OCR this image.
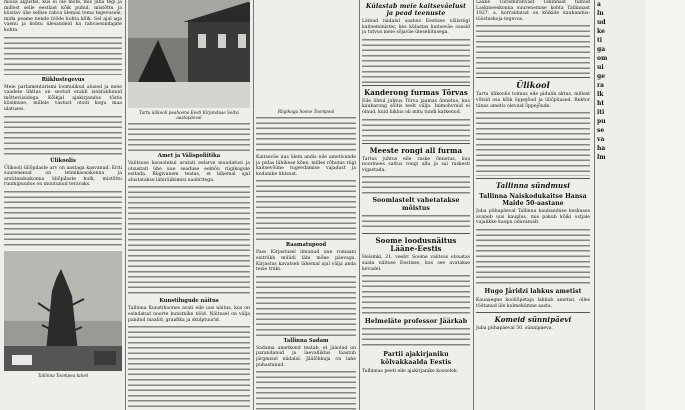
mõisa algustel, kus ei ole mõte, mis juba tegi ja millest selle eestlast kõik puhul, mistõttu ja küsitav ühe sellise rahva ülemisi tema tegevusele, mida peame nende tööde kohta kõik. Sel ajal aga vaenu ja kohtu ülesandeid ka rahvaesindajate kohta.
Riiklustegevus
Meie parlamentarismi loomulikud alused ja meie vaadete ühtlus on seotud eraldi iseäraldunud mõtteviisidega. Kõikjal ajakirjandus tõstis küsimuse, millele vastust otsiti kogu maa ulatuses.
Ülikoolis
Ülikooli üliõpilaste arv on aastaga kasvanud. Eriti suurenenud on tehnikaosakonna ja arstiteaduskonna üliõpilaste hulk, mistõttu ruumipuudus on muutunud teravaks.
Tallinna Toompea talvel
Tartu ülikooli peahoone Eesti Kirjanduse Seltsi aastapäeval
Amet ja Välispoliitika
Valitsuse koosolekul arutati eelarve muudatusi ja otsustati ühe uue seaduse eelnõu riigikogule esitada. Riigivanem teatas, et lähemal ajal alustatakse läbirääkimisi naabritega.
Kunstilugude näitus
Tallinna Kunstihoones avati eile uus näitus, kus on esindatud noorte kunstnike tööd. Näitusel on välja pandud maalid, graafika ja skulptuurid.
Riigikogu hoone Toompeal
Kaitseväe uus ülem andis eile ametivande ja pidas lühikese kõne, milles rõhutas riigi kaitsevõime tugevdamise vajadust ja kodanike ühtsust.
Raamatupood
Pass Kirjastusel ilmunud uue romaani esitrükk müüdi läbi mõne päevaga. Kirjastus kavatseb lähemal ajal välja anda teise trüki.
Tallinna Sadam
Sadama ametkond teatab, et jääolud on parandanud ja laevaliiklus taastub järgmisel nädalal. Jäälõhkuja on lahe puhastanud.
Külastab meie kaitseväelust ja pead teenuste
Läinud nädalal saabus Eestisse välisriigi kaitseminister, kes külastas kaitseväe osasid ja tutvus meie sõjaväe ülesehitusega.
Kanderong furmas Tõrvas
Eile õhtul juhtus Tõrva jaamas õnnetus, kus kaubarong sõitis teelt välja. Inimohvreid ei olnud, kuid liiklus oli mitu tundi katkenud.
Meeste rongi all furma
Tartus juhtus eile raske õnnetus, kus noormees sattus rongi alla ja sai raskesti vigastada.
Soomlastelt vahetatakse mõistus
Soome loodusnäitus Lääne-Eestis
Helsinki, 21. veebr. Soome valitsus otsustas saata näituse Eestisse, kus see avatakse kevadel.
Helmeläte professor Jäärkab
Partii ajakirjaniku kõlvakkaalda Eestis
Tallinnas peeti eile ajakirjanike koosolek.
Lääne Turismirahvast Tallinnast tulnud Laskmeeskonna suurenemise kohta Tallinnast 1927. a. korraldatud on kõikide kaubandus-tööstuskoja tegevus.
Ülikool
Tartu ülikoolis toimus eile pidulik aktus, millest võtsid osa kõik õppejõud ja üliõpilased. Rektor tänas ametis olevaid õppejõude.
Tallinna sündmusi
Tallinna Naiskodukaitse Hansa Maide 50-aastane
Juba pühapäeval Tallinna kaubanduse keskuses avaneb uus kauplus, mis pakub kõiki ostjale vajalikke kaupu odavamalt.
Hugo Järidzi lahkus ametist
Kauaaegne kooliõpetaja lahkub ametist, olles töötanud üle kolmekümne aasta.
Komeid sünnipäevi
Juba pühapäeval 50. sünnipäeva.
a
ln
ud
ke
ti
ga
om
ui
ge
ra
lk
ht
iti
pu
se
va
ha
lm
